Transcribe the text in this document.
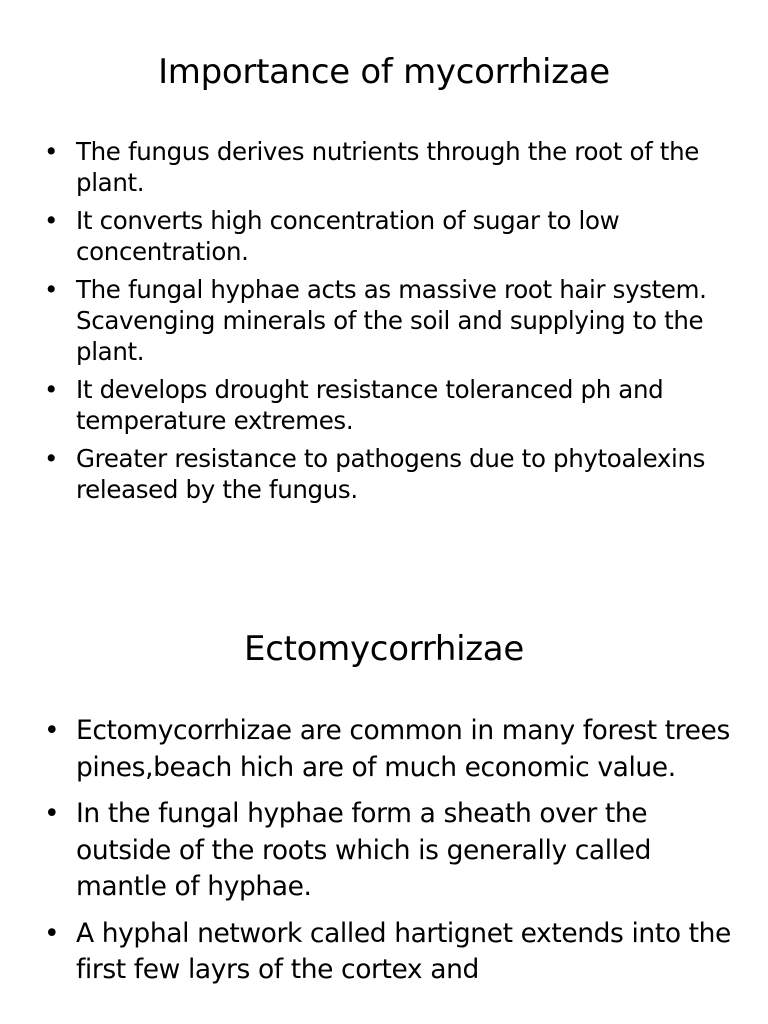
Importance of mycorrhizae
• The fungus derives nutrients through the root of the plant.
• It converts high concentration of sugar to low concentration.
• The fungal hyphae acts as massive root hair system. Scavenging minerals of the soil and supplying to the plant.
• It develops drought resistance toleranced ph and temperature extremes.
• Greater resistance to pathogens due to phytoalexins released by the fungus.
Ectomycorrhizae
• Ectomycorrhizae are common in many forest trees pines,beach hich are of much economic value.
• In the fungal hyphae form a sheath over the outside of the roots which is generally called mantle of hyphae.
• A hyphal network called hartignet extends into the first few layrs of the cortex and
